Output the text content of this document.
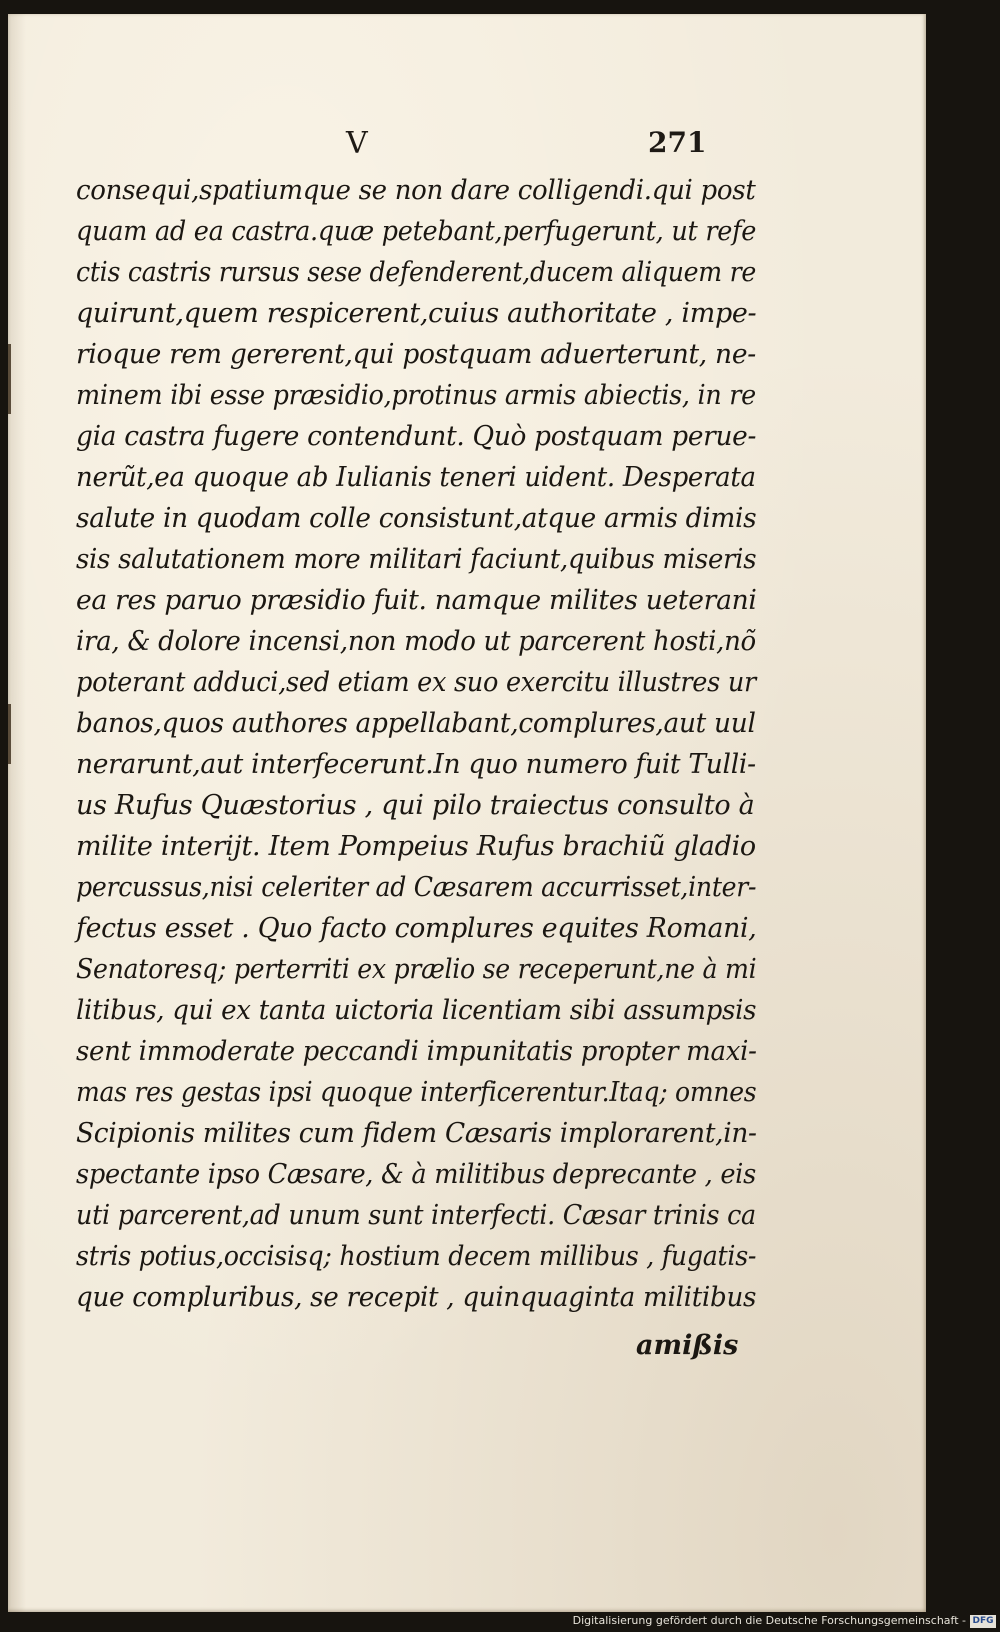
V	271
consequi,spatiumque se non dare colligendi.qui post
quam ad ea castra.quæ petebant,perfugerunt, ut refe
ctis castris rursus sese defenderent,ducem aliquem re
quirunt,quem respicerent,cuius authoritate , impe-
rioque rem gererent,qui postquam aduerterunt, ne-
minem ibi esse præsidio,protinus armis abiectis, in re
gia castra fugere contendunt. Quò postquam perue-
nerũt,ea quoque ab Iulianis teneri uident. Desperata
salute in quodam colle consistunt,atque armis dimis
sis salutationem more militari faciunt,quibus miseris
ea res paruo præsidio fuit. namque milites ueterani
ira, & dolore incensi,non modo ut parcerent hosti,nõ
poterant adduci,sed etiam ex suo exercitu illustres ur
banos,quos authores appellabant,complures,aut uul
nerarunt,aut interfecerunt.In quo numero fuit Tulli-
us Rufus Quæstorius , qui pilo traiectus consulto à
milite interijt. Item Pompeius Rufus brachiũ gladio
percussus,nisi celeriter ad Cæsarem accurrisset,inter-
fectus esset . Quo facto complures equites Romani,
Senatoresq; perterriti ex prælio se receperunt,ne à mi
litibus, qui ex tanta uictoria licentiam sibi assumpsis
sent immoderate peccandi impunitatis propter maxi-
mas res gestas ipsi quoque interficerentur.Itaq; omnes
Scipionis milites cum fidem Cæsaris implorarent,in-
spectante ipso Cæsare, & à militibus deprecante , eis
uti parcerent,ad unum sunt interfecti. Cæsar trinis ca
stris potius,occisisq; hostium decem millibus , fugatis-
que compluribus, se recepit , quinquaginta militibus
amißis
Digitalisierung gefördert durch die Deutsche Forschungsgemeinschaft - DFG
